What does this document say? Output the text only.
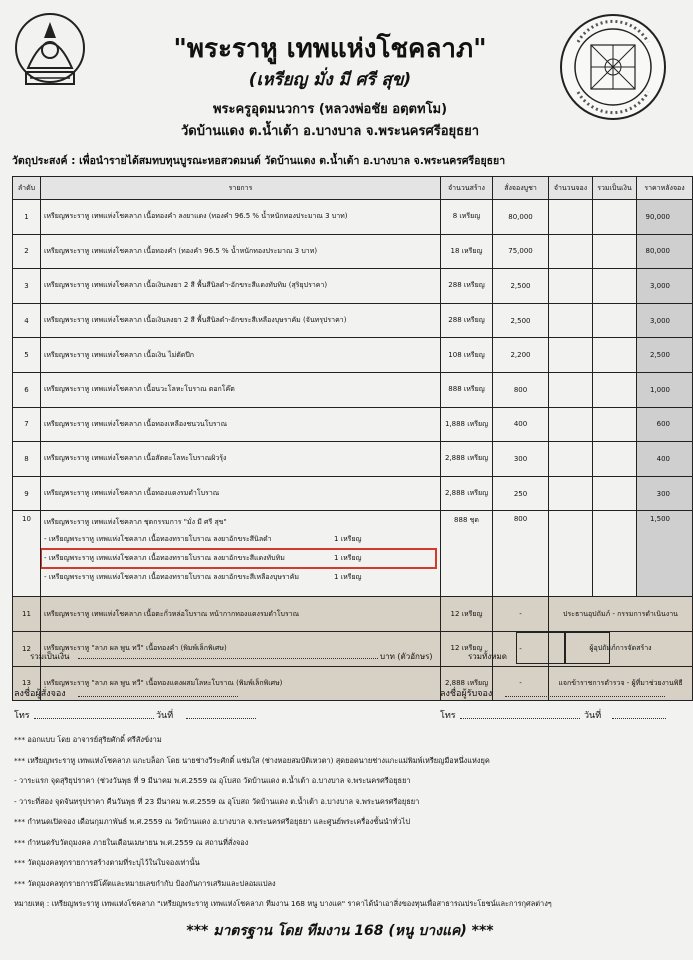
"พระราหู เทพแห่งโชคลาภ"
(เหรียญ มั่ง มี ศรี สุข)
พระครูอุดมนวการ (หลวงพ่อชัย อตฺตทโม)
วัดบ้านแดง ต.น้ำเต้า อ.บางบาล จ.พระนครศรีอยุธยา
วัตถุประสงค์ : เพื่อนำรายได้สมทบทุนบูรณะหอสวดมนต์ วัดบ้านแดง ต.น้ำเต้า อ.บางบาล จ.พระนครศรีอยุธยา
ลำดับ	รายการ	จำนวนสร้าง	สั่งจองบูชา	จำนวนจอง	รวมเป็นเงิน	ราคาหลังจอง
1	เหรียญพระราหู เทพแห่งโชคลาภ เนื้อทองคำ ลงยาแดง (ทองคำ 96.5 % น้ำหนักทองประมาณ 3 บาท)	8 เหรียญ	80,000			90,000
2	เหรียญพระราหู เทพแห่งโชคลาภ เนื้อทองคำ (ทองคำ 96.5 % น้ำหนักทองประมาณ 3 บาท)	18 เหรียญ	75,000			80,000
3	เหรียญพระราหู เทพแห่งโชคลาภ เนื้อเงินลงยา 2 สี พื้นสีนิลดำ-อักขระสีแดงทับทิม (สุริยุปราคา)	288 เหรียญ	2,500			3,000
4	เหรียญพระราหู เทพแห่งโชคลาภ เนื้อเงินลงยา 2 สี พื้นสีนิลดำ-อักขระสีเหลืองบุษราคัม (จันทรุปราคา)	288 เหรียญ	2,500			3,000
5	เหรียญพระราหู เทพแห่งโชคลาภ เนื้อเงิน ไม่ตัดปีก	108 เหรียญ	2,200			2,500
6	เหรียญพระราหู เทพแห่งโชคลาภ เนื้อนวะโลหะโบราณ ตอกโค๊ต	888 เหรียญ	800			1,000
7	เหรียญพระราหู เทพแห่งโชคลาภ เนื้อทองเหลืองชนวนโบราณ	1,888 เหรียญ	400			600
8	เหรียญพระราหู เทพแห่งโชคลาภ เนื้อสัตตะโลหะโบราณผิวรุ้ง	2,888 เหรียญ	300			400
9	เหรียญพระราหู เทพแห่งโชคลาภ เนื้อทองแดงรมดำโบราณ	2,888 เหรียญ	250			300
10	เหรียญพระราหู เทพแห่งโชคลาภ ชุดกรรมการ "มั่ง มี ศรี สุข"
- เหรียญพระราหู เทพแห่งโชคลาภ เนื้อทองทรายโบราณ ลงยาอักขระสีนิลดำ 1 เหรียญ
- เหรียญพระราหู เทพแห่งโชคลาภ เนื้อทองทรายโบราณ ลงยาอักขระสีแดงทับทิม 1 เหรียญ
- เหรียญพระราหู เทพแห่งโชคลาภ เนื้อทองทรายโบราณ ลงยาอักขระสีเหลืองบุษราคัม 1 เหรียญ	888 ชุด	800			1,500
11	เหรียญพระราหู เทพแห่งโชคลาภ เนื้อตะกั่วหล่อโบราณ หน้ากากทองแดงรมดำโบราณ	12 เหรียญ	-	ประธานอุปถัมภ์ - กรรมการดำเนินงาน		
12	เหรียญพระราหู "ลาภ ผล พูน ทวี" เนื้อทองคำ (พิมพ์เล็กพิเศษ)	12 เหรียญ	-	ผู้อุปถัมภ์การจัดสร้าง		
13	เหรียญพระราหู "ลาภ ผล พูน ทวี" เนื้อทองแดงผสมโลหะโบราณ (พิมพ์เล็กพิเศษ)	2,888 เหรียญ	-	แจกข้าราชการตำรวจ - ผู้ที่มาช่วยงานพิธี		
รวมเป็นเงิน	บาท (ตัวอักษร)	รวมทั้งหมด
ลงชื่อผู้สั่งจอง	ลงชื่อผู้รับจอง
โทร	วันที่	โทร	วันที่
*** ออกแบบ โดย อาจารย์สุริยศักดิ์ ศรีสังข์งาม
*** เหรียญพระราหู เทพแห่งโชคลาภ แกะบล็อก โดย นายช่างวีระศักดิ์ แช่มใส (ช่างหอยสมบัติเหวตา) สุดยอดนายช่างแกะแม่พิมพ์เหรียญมือหนึ่งแห่งยุค
- วาระแรก จุดสุริยุปราคา (ช่วงวันพุธ ที่ 9 มีนาคม พ.ศ.2559 ณ อุโบสถ วัดบ้านแดง ต.น้ำเต้า อ.บางบาล จ.พระนครศรีอยุธยา
- วาระที่สอง จุดจันทรุปราคา คืนวันพุธ ที่ 23 มีนาคม พ.ศ.2559 ณ อุโบสถ วัดบ้านแดง ต.น้ำเต้า อ.บางบาล จ.พระนครศรีอยุธยา
*** กำหนดเปิดจอง เดือนกุมภาพันธ์ พ.ศ.2559 ณ วัดบ้านแดง อ.บางบาล จ.พระนครศรีอยุธยา และศูนย์พระเครื่องชั้นนำทั่วไป
*** กำหนดรับวัตถุมงคล ภายในเดือนเมษายน พ.ศ.2559 ณ สถานที่สั่งจอง
*** วัตถุมงคลทุกรายการสร้างตามที่ระบุไว้ในใบจองเท่านั้น
*** วัตถุมงคลทุกรายการมีโค๊ตและหมายเลขกำกับ ป้องกันการเสริมและปลอมแปลง
หมายเหตุ : เหรียญพระราหู เทพแห่งโชคลาภ "เหรียญพระราหู เทพแห่งโชคลาภ ทีมงาน 168 หนู บางแค" ราคาได้นำเอาสิ่งของทุนเพื่อสาธารณประโยชน์และการกุศลต่างๆ
*** มาตรฐาน โดย ทีมงาน 168 (หนู บางแค) ***
